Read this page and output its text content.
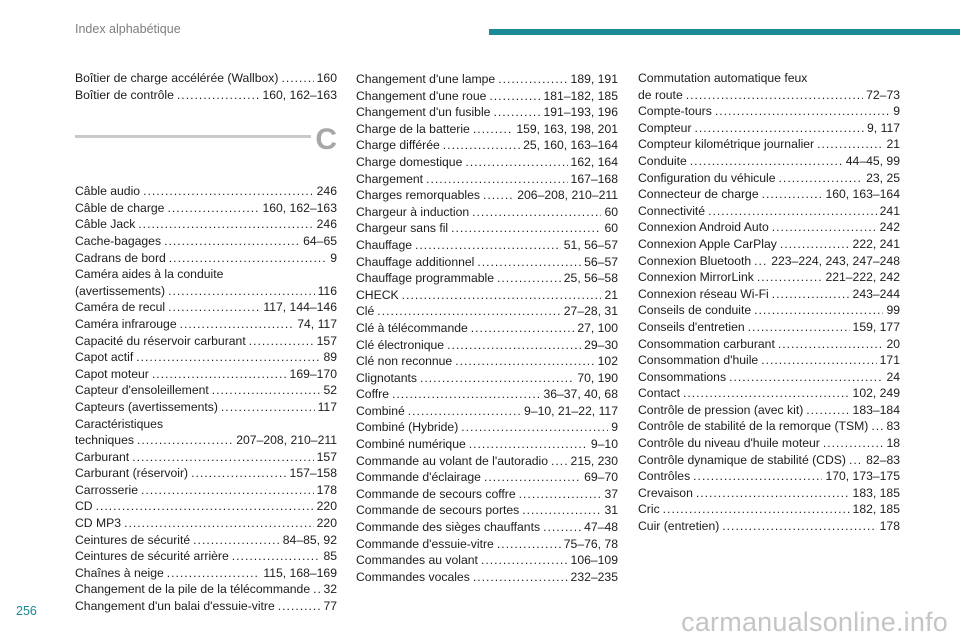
Index alphabétique
Boîtier de charge accélérée (Wallbox) .....	160
Boîtier de contrôle .....	160, 162–163
C
Câble audio .....	246
Câble de charge .....	160, 162–163
Câble Jack .....	246
Cache-bagages .....	64–65
Cadrans de bord .....	9
Caméra aides à la conduite
(avertissements) .....	116
Caméra de recul .....	117, 144–146
Caméra infrarouge .....	74, 117
Capacité du réservoir carburant .....	157
Capot actif .....	89
Capot moteur .....	169–170
Capteur d'ensoleillement .....	52
Capteurs (avertissements) .....	117
Caractéristiques
techniques .....	207–208, 210–211
Carburant .....	157
Carburant (réservoir) .....	157–158
Carrosserie .....	178
CD .....	220
CD MP3 .....	220
Ceintures de sécurité .....	84–85, 92
Ceintures de sécurité arrière .....	85
Chaînes à neige .....	115, 168–169
Changement de la pile de la télécommande ..... 32
Changement d'un balai d'essuie-vitre .....	77
Changement d'une lampe .....	189, 191
Changement d'une roue .....	181–182, 185
Changement d'un fusible .....	191–193, 196
Charge de la batterie .....	159, 163, 198, 201
Charge différée .....	25, 160, 163–164
Charge domestique .....	162, 164
Chargement .....	167–168
Charges remorquables .....	206–208, 210–211
Chargeur à induction .....	60
Chargeur sans fil .....	60
Chauffage .....	51, 56–57
Chauffage additionnel .....	56–57
Chauffage programmable .....	25, 56–58
CHECK .....	21
Clé .....	27–28, 31
Clé à télécommande .....	27, 100
Clé électronique .....	29–30
Clé non reconnue .....	102
Clignotants .....	70, 190
Coffre .....	36–37, 40, 68
Combiné .....	9–10, 21–22, 117
Combiné (Hybride) .....	9
Combiné numérique .....	9–10
Commande au volant de l'autoradio ..... 215, 230
Commande d'éclairage .....	69–70
Commande de secours coffre .....	37
Commande de secours portes .....	31
Commande des sièges chauffants .....	47–48
Commande d'essuie-vitre .....	75–76, 78
Commandes au volant .....	106–109
Commandes vocales .....	232–235
Commutation automatique feux
de route .....	72–73
Compte-tours .....	9
Compteur .....	9, 117
Compteur kilométrique journalier .....	21
Conduite .....	44–45, 99
Configuration du véhicule .....	23, 25
Connecteur de charge .....	160, 163–164
Connectivité .....	241
Connexion Android Auto .....	242
Connexion Apple CarPlay .....	222, 241
Connexion Bluetooth ..... 223–224, 243, 247–248
Connexion MirrorLink .....	221–222, 242
Connexion réseau Wi-Fi .....	243–244
Conseils de conduite .....	99
Conseils d'entretien .....	159, 177
Consommation carburant .....	20
Consommation d'huile .....	171
Consommations .....	24
Contact .....	102, 249
Contrôle de pression (avec kit) .....	183–184
Contrôle de stabilité de la remorque (TSM) ..... 83
Contrôle du niveau d'huile moteur .....	18
Contrôle dynamique de stabilité (CDS) ..... 82–83
Contrôles .....	170, 173–175
Crevaison .....	183, 185
Cric .....	182, 185
Cuir (entretien) .....	178
256	carmanualsonline.info
